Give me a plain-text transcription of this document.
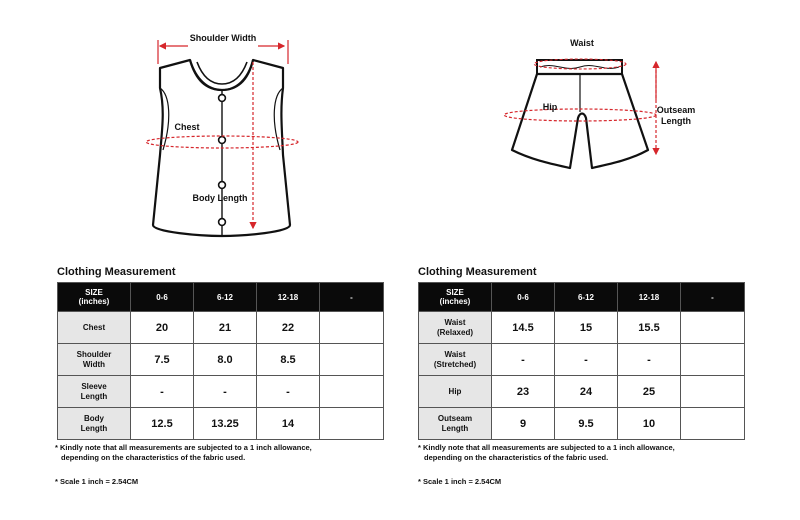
Shoulder Width
Chest
Body Length
Waist
Hip	Outseam
Length
Clothing Measurement
SIZE
(inches)	0-6	6-12	12-18	-
Chest	20	21	22	
Shoulder
Width	7.5	8.0	8.5	
Sleeve
Length	-	-	-	
Body
Length	12.5	13.25	14	
* Kindly note that all measurements are subjected to a 1 inch allowance,
depending on the characteristics of the fabric used.
* Scale 1 inch = 2.54CM
Clothing Measurement
SIZE
(inches)	0-6	6-12	12-18	-
Waist
(Relaxed)	14.5	15	15.5	
Waist
(Stretched)	-	-	-	
Hip	23	24	25	
Outseam
Length	9	9.5	10	
* Kindly note that all measurements are subjected to a 1 inch allowance,
depending on the characteristics of the fabric used.
* Scale 1 inch = 2.54CM
